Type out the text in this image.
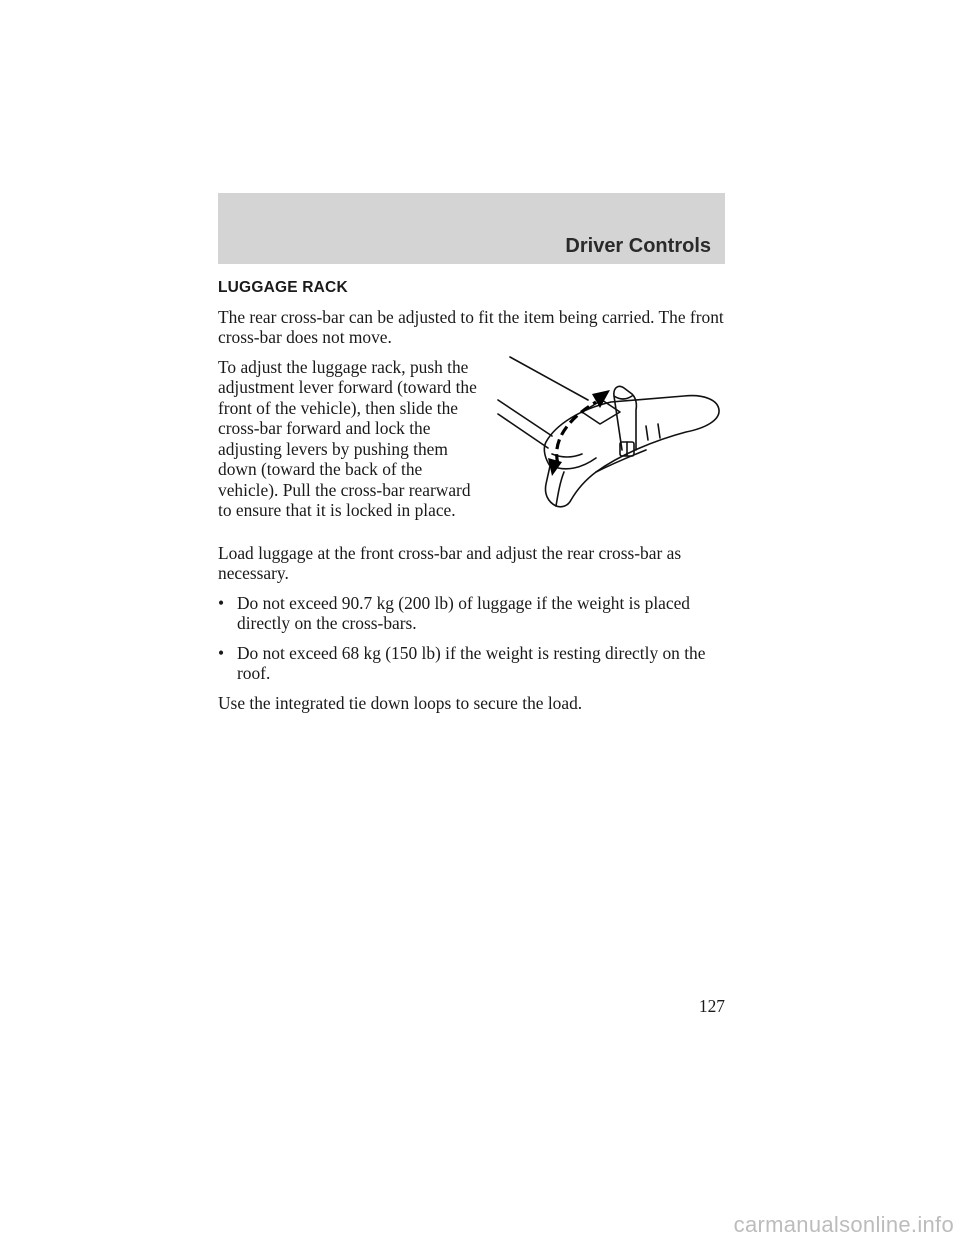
Driver Controls
LUGGAGE RACK

The rear cross-bar can be adjusted to fit the item being carried. The front cross-bar does not move.

To adjust the luggage rack, push the adjustment lever forward (toward the front of the vehicle), then slide the cross-bar forward and lock the adjusting levers by pushing them down (toward the back of the vehicle). Pull the cross-bar rearward to ensure that it is locked in place.

Load luggage at the front cross-bar and adjust the rear cross-bar as necessary.

• Do not exceed 90.7 kg (200 lb) of luggage if the weight is placed directly on the cross-bars.
• Do not exceed 68 kg (150 lb) if the weight is resting directly on the roof.

Use the integrated tie down loops to secure the load.

127
carmanualsonline.info
